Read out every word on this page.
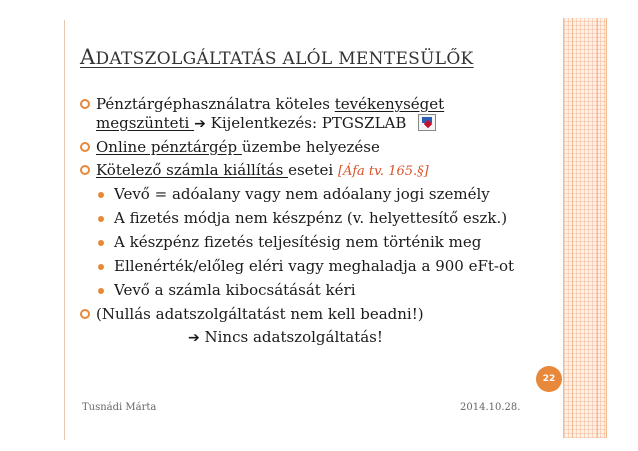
ADATSZOLGÁLTATÁS ALÓL MENTESÜLŐK
Pénztárgéphasználatra köteles tevékenységet
megszünteti ➔ Kijelentkezés: PTGSZLAB
Online pénztárgép üzembe helyezése
Kötelező számla kiállítás esetei [Áfa tv. 165.§]
Vevő = adóalany vagy nem adóalany jogi személy
A fizetés módja nem készpénz (v. helyettesítő eszk.)
A készpénz fizetés teljesítésig nem történik meg
Ellenérték/előleg eléri vagy meghaladja a 900 eFt-ot
Vevő a számla kibocsátását kéri
(Nullás adatszolgáltatást nem kell beadni!)
➔ Nincs adatszolgáltatás!
22
Tusnádi Márta	2014.10.28.
